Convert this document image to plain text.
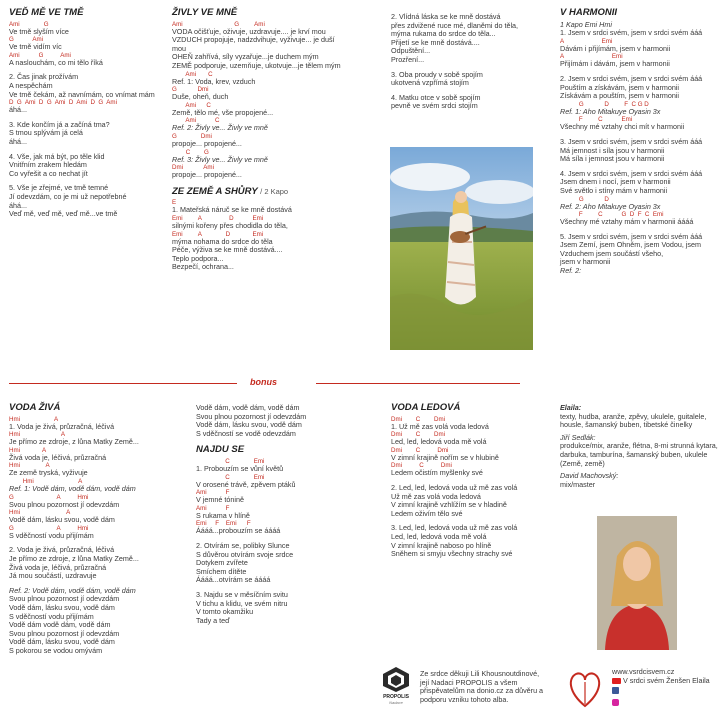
VEĎ MĚ VE TMĚ
Ami              G
Ve tmě slyším více
G           Ami
Ve tmě vidím víc
Ami           G          Ami
A naslouchám, co mi tělo říká
2. Čas jinak prožívám
A nespěchám
Ve tmě čekám, až navnímám, co vnímat mám
D  G  Ami  D  G  Ami  D  Ami  D  G  Ami
áhá...
3. Kde končím já a začíná tma?
S tmou splývám já celá
áhá...
4. Vše, jak má být, po těle klid
Vnitřním zrakem hledám
Co vyřešit a co nechat jít
5. Vše je zřejmé, ve tmě temné
Jí odevzdám, co je mi už nepotřebné
áhá...
Veď mě, veď mě, veď mě...ve tmě
ŽIVLY VE MNĚ
Ami                              G         Ami
VODA očišťuje, oživuje, uzdravuje.... je krví mou
VZDUCH propojuje, nadzdvihuje, vyživuje... je duší
mou
OHEŇ zahřívá, síly vyzařuje...je duchem mým
ZEMĚ podporuje, uzemňuje, ukotvuje...je tělem mým
Ami       C
Ref. 1: Voda, krev, vzduch
G            Dmi
Duše, oheň, duch
Ami      C
Země, tělo mé, vše propojené...
Ami           C
Ref. 2: Živly ve... Živly ve mně
G              Dmi
propoje... propojené...
C        G
Ref. 3: Živly ve... Živly ve mně
Dmi            Ami
propoje... propojené...
ZE ZEMĚ A SHŮRY / 2 Kapo
E
1. Mateřská náruč se ke mně dostává
Emi         A                D           Emi
silnými kořeny přes chodidla do těla,
Emi         A              D             Emi
mýma nohama do srdce do těla
Péče, výživa se ke mně dostává....
Teplo podpora...
Bezpečí, ochrana...
2. Vlídná láska se ke mně dostává
přes zdvižené ruce mé, dlaněmi do těla,
mýma rukama do srdce do těla...
Přijetí se ke mně dostává....
Odpuštění...
Prozření...
3. Oba proudy v sobě spojím
ukotvená vzpřímá stojím
4. Matku otce v sobě spojím
pevně ve svém srdci stojím
V HARMONII
1 Kapo Emi Hmi
1. Jsem v srdci svém, jsem v srdci svém ááá
A                      Emi
Dávám i přijímám, jsem v harmonii
A                            Emi
Přijímám i dávám, jsem v harmonii
2. Jsem v srdci svém, jsem v srdci svém ááá
Pouštím a získávám, jsem v harmonii
Získávám a pouštím, jsem v harmonii
G            D         F  C G D
Ref. 1: Aho Mitakuye Oyasin 3x
F         C           Emi
Všechny mé vztahy chci mít v harmonii
3. Jsem v srdci svém, jsem v srdci svém ááá
Má jemnost i síla jsou v harmonii
Má síla i jemnost jsou v harmonii
4. Jsem v srdci svém, jsem v srdci svém ááá
Jsem dnem i nocí, jsem v harmonii
Své světlo i stíny mám v harmonii
G            D
Ref. 2: Aho Mitakuye Oyasin 3x
F         C           G  D  F  C  Emi
Všechny mé vztahy mám v harmonii áááá
5. Jsem v srdci svém, jsem v srdci svém ááá
Jsem Zemí, jsem Ohněm, jsem Vodou, jsem
Vzduchem jsem součástí všeho,
jsem v harmonii
Ref. 2:
bonus
VODA ŽIVÁ
Hmi                    A
1. Voda je živá, průzračná, léčivá
Hmi                        A
Je přímo ze zdroje, z lůna Matky Země...
Hmi             A
Živá voda je, léčivá, průzračná
Hmi               A
Ze země tryská, vyživuje
Hmi                          A
Ref. 1: Vodě dám, vodě dám, vodě dám
G                         A          Hmi
Svou plnou pozornost jí odevzdám
Hmi                           A
Vodě dám, lásku svou, vodě dám
G                         A          Hmi
S vděčností vodu přijímám
2. Voda je živá, průzračná, léčivá
Je přímo ze zdroje, z lůna Matky Země...
Živá voda je, léčivá, průzračná
Já mou součástí, uzdravuje
Ref. 2: Vodě dám, vodě dám, vodě dám
Svou plnou pozornost jí odevzdám
Vodě dám, lásku svou, vodě dám
S vděčností vodu přijímám
Vodě dám vodě dám, vodě dám
Svou plnou pozornost jí odevzdám
Vodě dám, lásku svou, vodě dám
S pokorou se vodou omývám
Vodě dám, vodě dám, vodě dám
Svou plnou pozornost jí odevzdám
Vodě dám, lásku svou, vodě dám
S vděčností se vodě odevzdám
NAJDU SE
C              Emi
1. Probouzím se vůní květů
C              Emi
V orosené trávě, zpěvem ptáků
Ami           F
V jemné tónině
Ami           F
S rukama v hlíně
Emi     F    Emi      F
Áááá...probouzím se áááá
2. Otvírám se, polibky Slunce
S důvěrou otvírám svoje srdce
Dotykem zvířete
Smíchem dítěte
Áááá...otvírám se áááá
3. Najdu se v měsíčním svitu
V tichu a klidu, ve svém nitru
V tomto okamžiku
Tady a teď
VODA LEDOVÁ
Dmi        C        Dmi
1. Už mě zas volá voda ledová
Dmi        C        Dmi
Led, led, ledová voda mě volá
Dmi        C          Dmi
V zimní krajině nořím se v hlubině
Dmi          C          Dmi
Ledem očistím myšlenky své
2. Led, led, ledová voda už mě zas volá
Už mě zas volá voda ledová
V zimní krajině vzhlížím se v hladině
Ledem oživím tělo své
3. Led, led, ledová voda už mě zas volá
Led, led, ledová voda mě volá
V zimní krajině naboso po hlíně
Sněhem si smyju všechny strachy své
Elaila:
texty, hudba, aranže, zpěvy, ukulele, guitalele, housle, šamanský buben, tibetské činelky
Jiří Sedlák:
produkce/mix, aranže, flétna, 8-mi strunná kytara, darbuka, tamburína, šamanský buben, ukulele (Země, země)
David Machovský:
mix/master
PROPOLIS
Nadace
Ze srdce děkuji Lili Khousnoutdinové, její Nadaci PROPOLIS a všem přispěvatelům na donio.cz za důvěru a podporu vzniku tohoto alba.
www.vsrdcisvem.cz
V srdci svém Ženšen Elaila
